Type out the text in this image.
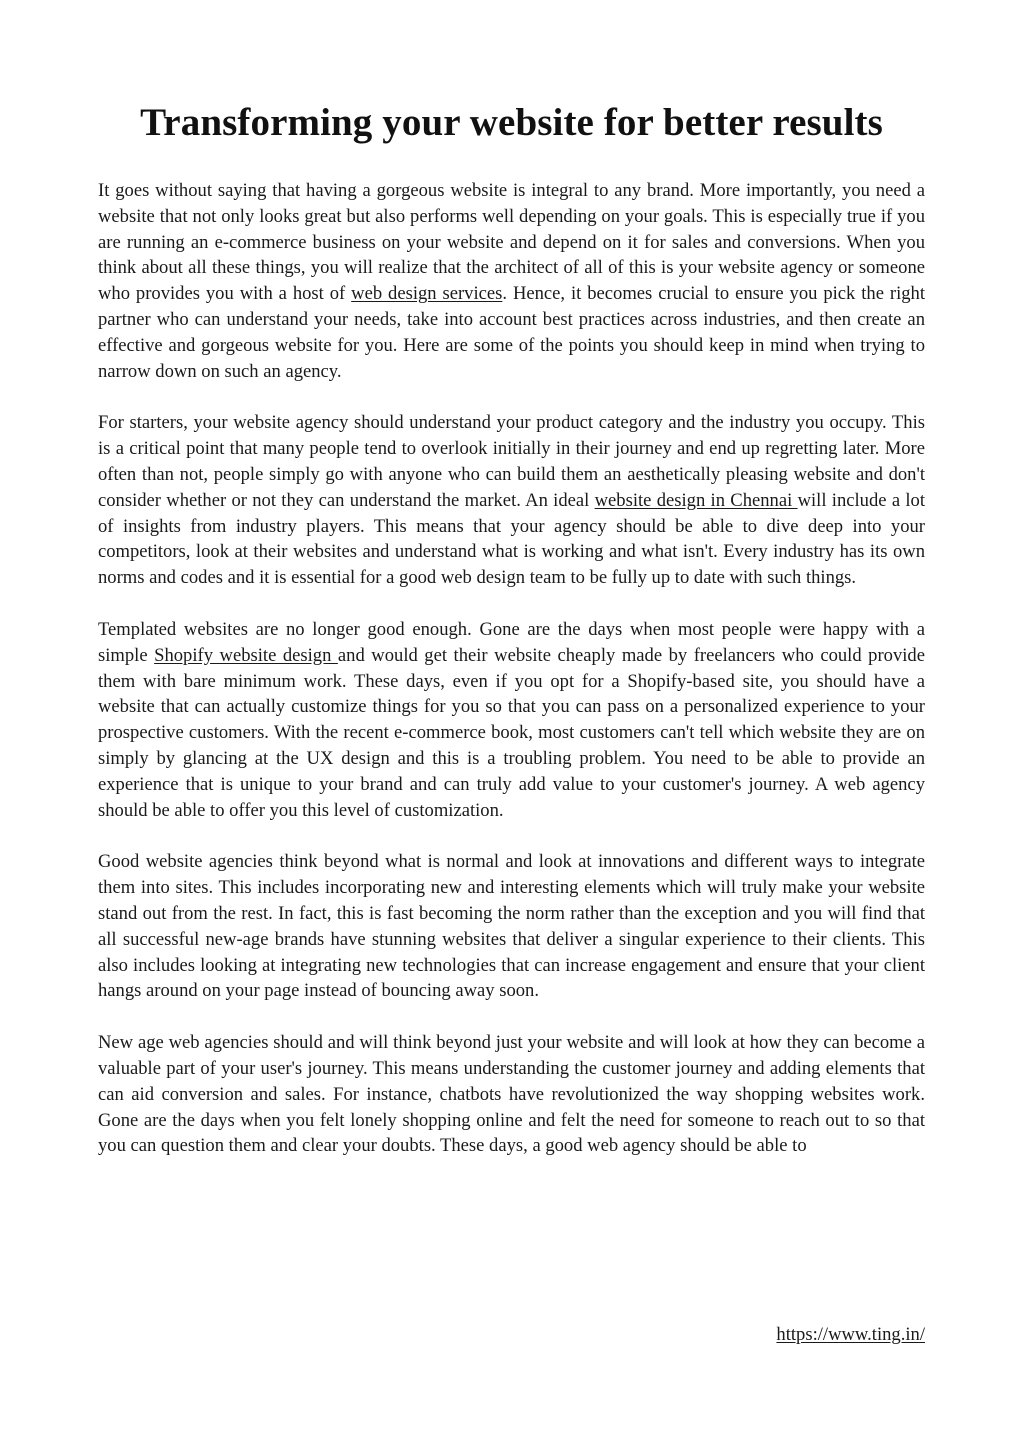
Transforming your website for better results

It goes without saying that having a gorgeous website is integral to any brand. More importantly, you need a website that not only looks great but also performs well depending on your goals. This is especially true if you are running an e-commerce business on your website and depend on it for sales and conversions. When you think about all these things, you will realize that the architect of all of this is your website agency or someone who provides you with a host of web design services. Hence, it becomes crucial to ensure you pick the right partner who can understand your needs, take into account best practices across industries, and then create an effective and gorgeous website for you. Here are some of the points you should keep in mind when trying to narrow down on such an agency.

For starters, your website agency should understand your product category and the industry you occupy. This is a critical point that many people tend to overlook initially in their journey and end up regretting later. More often than not, people simply go with anyone who can build them an aesthetically pleasing website and don't consider whether or not they can understand the market. An ideal website design in Chennai will include a lot of insights from industry players. This means that your agency should be able to dive deep into your competitors, look at their websites and understand what is working and what isn't. Every industry has its own norms and codes and it is essential for a good web design team to be fully up to date with such things.

Templated websites are no longer good enough. Gone are the days when most people were happy with a simple Shopify website design and would get their website cheaply made by freelancers who could provide them with bare minimum work. These days, even if you opt for a Shopify-based site, you should have a website that can actually customize things for you so that you can pass on a personalized experience to your prospective customers. With the recent e-commerce book, most customers can't tell which website they are on simply by glancing at the UX design and this is a troubling problem. You need to be able to provide an experience that is unique to your brand and can truly add value to your customer's journey. A web agency should be able to offer you this level of customization.

Good website agencies think beyond what is normal and look at innovations and different ways to integrate them into sites. This includes incorporating new and interesting elements which will truly make your website stand out from the rest. In fact, this is fast becoming the norm rather than the exception and you will find that all successful new-age brands have stunning websites that deliver a singular experience to their clients. This also includes looking at integrating new technologies that can increase engagement and ensure that your client hangs around on your page instead of bouncing away soon.

New age web agencies should and will think beyond just your website and will look at how they can become a valuable part of your user's journey. This means understanding the customer journey and adding elements that can aid conversion and sales. For instance, chatbots have revolutionized the way shopping websites work. Gone are the days when you felt lonely shopping online and felt the need for someone to reach out to so that you can question them and clear your doubts. These days, a good web agency should be able to

https://www.ting.in/
